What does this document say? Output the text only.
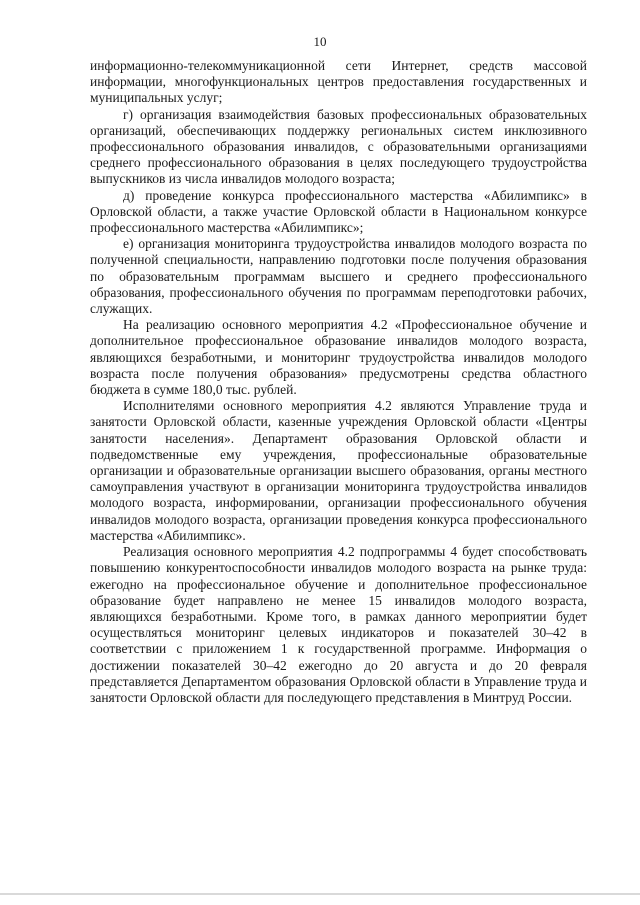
10

информационно-телекоммуникационной сети Интернет, средств массовой информации, многофункциональных центров предоставления государственных и муниципальных услуг;

г) организация взаимодействия базовых профессиональных образовательных организаций, обеспечивающих поддержку региональных систем инклюзивного профессионального образования инвалидов, с образовательными организациями среднего профессионального образования в целях последующего трудоустройства выпускников из числа инвалидов молодого возраста;

д) проведение конкурса профессионального мастерства «Абилимпикс» в Орловской области, а также участие Орловской области в Национальном конкурсе профессионального мастерства «Абилимпикс»;

е) организация мониторинга трудоустройства инвалидов молодого возраста по полученной специальности, направлению подготовки после получения образования по образовательным программам высшего и среднего профессионального образования, профессионального обучения по программам переподготовки рабочих, служащих.

На реализацию основного мероприятия 4.2 «Профессиональное обучение и дополнительное профессиональное образование инвалидов молодого возраста, являющихся безработными, и мониторинг трудоустройства инвалидов молодого возраста после получения образования» предусмотрены средства областного бюджета в сумме 180,0 тыс. рублей.

Исполнителями основного мероприятия 4.2 являются Управление труда и занятости Орловской области, казенные учреждения Орловской области «Центры занятости населения». Департамент образования Орловской области и подведомственные ему учреждения, профессиональные образовательные организации и образовательные организации высшего образования, органы местного самоуправления участвуют в организации мониторинга трудоустройства инвалидов молодого возраста, информировании, организации профессионального обучения инвалидов молодого возраста, организации проведения конкурса профессионального мастерства «Абилимпикс».

Реализация основного мероприятия 4.2 подпрограммы 4 будет способствовать повышению конкурентоспособности инвалидов молодого возраста на рынке труда: ежегодно на профессиональное обучение и дополнительное профессиональное образование будет направлено не менее 15 инвалидов молодого возраста, являющихся безработными. Кроме того, в рамках данного мероприятии будет осуществляться мониторинг целевых индикаторов и показателей 30–42 в соответствии с приложением 1 к государственной программе. Информация о достижении показателей 30–42 ежегодно до 20 августа и до 20 февраля представляется Департаментом образования Орловской области в Управление труда и занятости Орловской области для последующего представления в Минтруд России.
